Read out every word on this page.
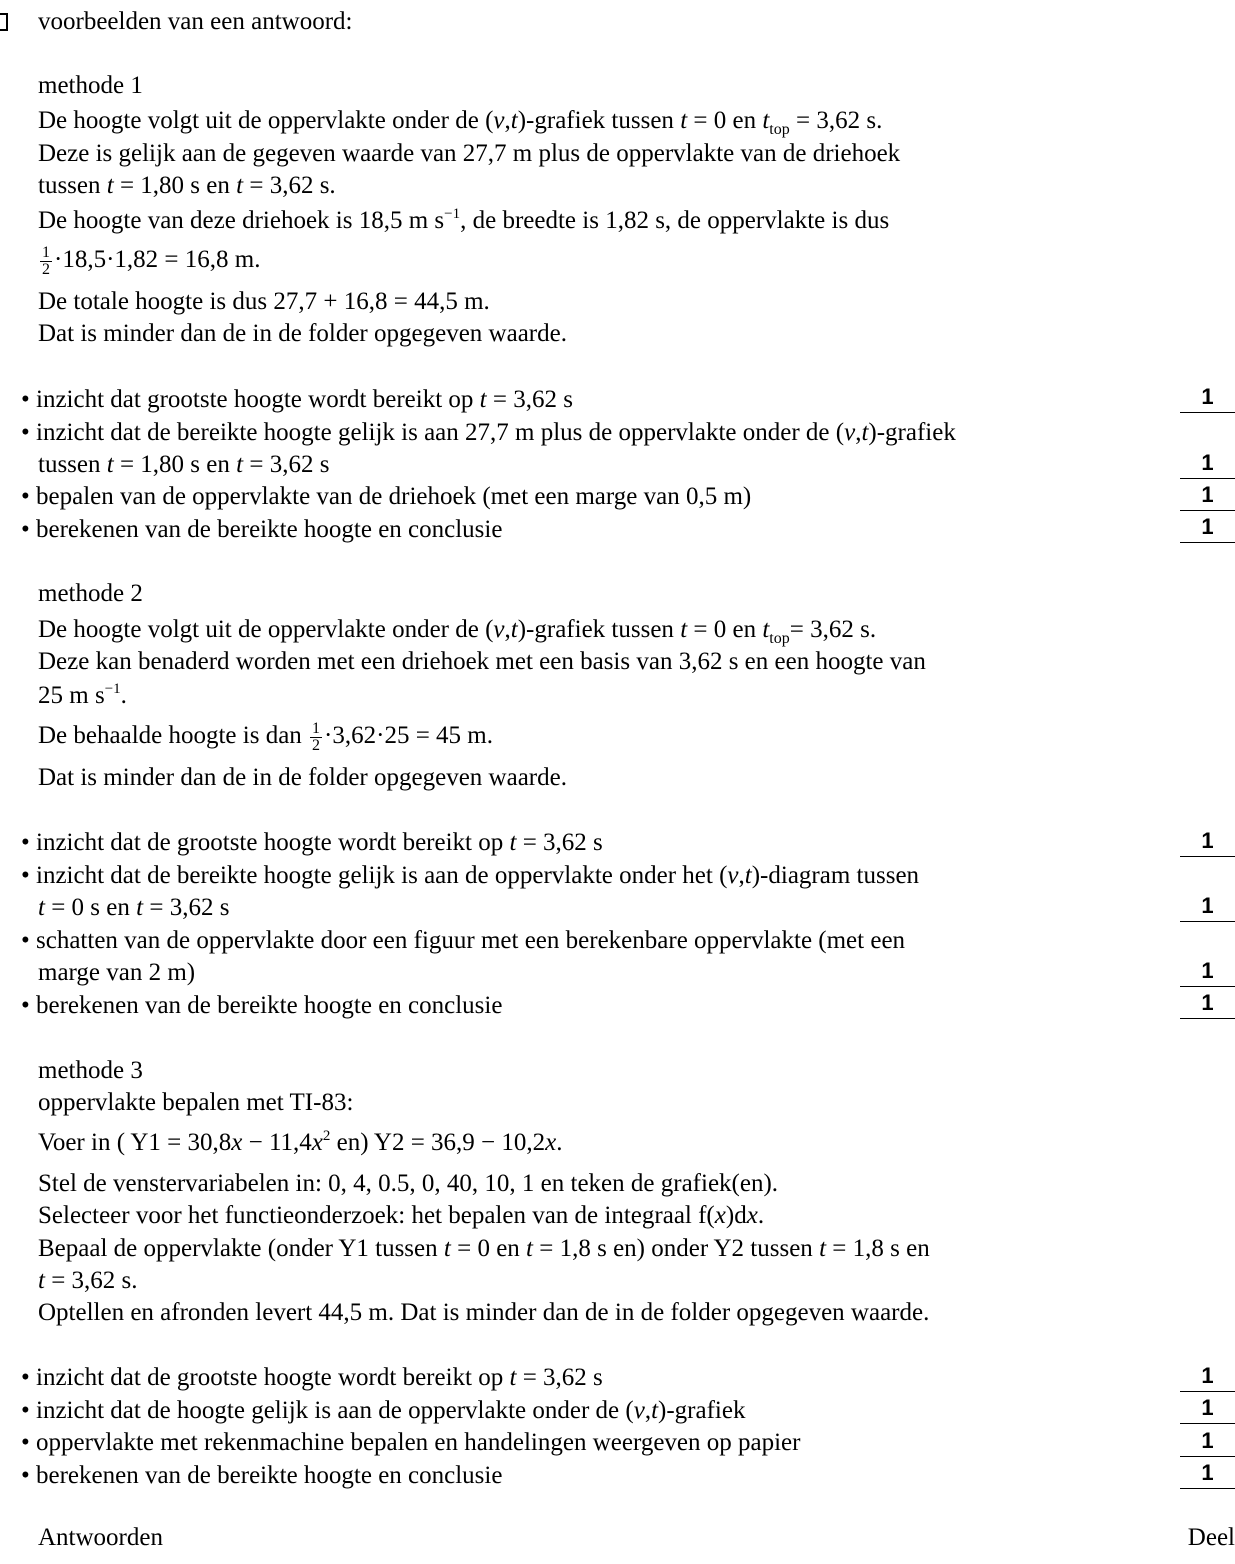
voorbeelden van een antwoord:
methode 1
De hoogte volgt uit de oppervlakte onder de (v,t)-grafiek tussen t = 0 en $t_{top} = 3,62$ s.
Deze is gelijk aan de gegeven waarde van 27,7 m plus de oppervlakte van de driehoek
tussen t = 1,80 s en t = 3,62 s.
De hoogte van deze driehoek is 18,5 m $s^{-1}$, de breedte is 1,82 s, de oppervlakte is dus
$\frac{1}{2} \cdot 18,5\cdot 1,82 = 16,8$ m.
De totale hoogte is dus 27,7 + 16,8 = 44,5 m.
Dat is minder dan de in de folder opgegeven waarde.
• inzicht dat grootste hoogte wordt bereikt op t = 3,62 s	1
• inzicht dat de bereikte hoogte gelijk is aan 27,7 m plus de oppervlakte onder de (v,t)-grafiek
tussen t = 1,80 s en t = 3,62 s	1
• bepalen van de oppervlakte van de driehoek (met een marge van 0,5 m)	1
• berekenen van de bereikte hoogte en conclusie	1
methode 2
De hoogte volgt uit de oppervlakte onder de (v,t)-grafiek tussen t = 0 en $t_{top}= 3,62$ s.
Deze kan benaderd worden met een driehoek met een basis van 3,62 s en een hoogte van
25 m $s^{-1}$.
De behaalde hoogte is dan $\frac{1}{2} \cdot 3,62\cdot 25 = 45$ m.
Dat is minder dan de in de folder opgegeven waarde.
• inzicht dat de grootste hoogte wordt bereikt op t = 3,62 s	1
• inzicht dat de bereikte hoogte gelijk is aan de oppervlakte onder het (v,t)-diagram tussen
t = 0 s en t = 3,62 s	1
• schatten van de oppervlakte door een figuur met een berekenbare oppervlakte (met een
marge van 2 m)	1
• berekenen van de bereikte hoogte en conclusie	1
methode 3
oppervlakte bepalen met TI-83:
Voer in ( $Y1 = 30,8x - 11,4x^2$ en) Y2 = 36,9 − 10,2x.
Stel de venstervariabelen in: 0, 4, 0.5, 0, 40, 10, 1 en teken de grafiek(en).
Selecteer voor het functieonderzoek: het bepalen van de integraal f(x)dx.
Bepaal de oppervlakte (onder Y1 tussen t = 0 en t = 1,8 s en) onder Y2 tussen t = 1,8 s en
t = 3,62 s.
Optellen en afronden levert 44,5 m. Dat is minder dan de in de folder opgegeven waarde.
• inzicht dat de grootste hoogte wordt bereikt op t = 3,62 s	1
• inzicht dat de hoogte gelijk is aan de oppervlakte onder de (v,t)-grafiek	1
• oppervlakte met rekenmachine bepalen en handelingen weergeven op papier	1
• berekenen van de bereikte hoogte en conclusie	1
Antwoorden	Deel
